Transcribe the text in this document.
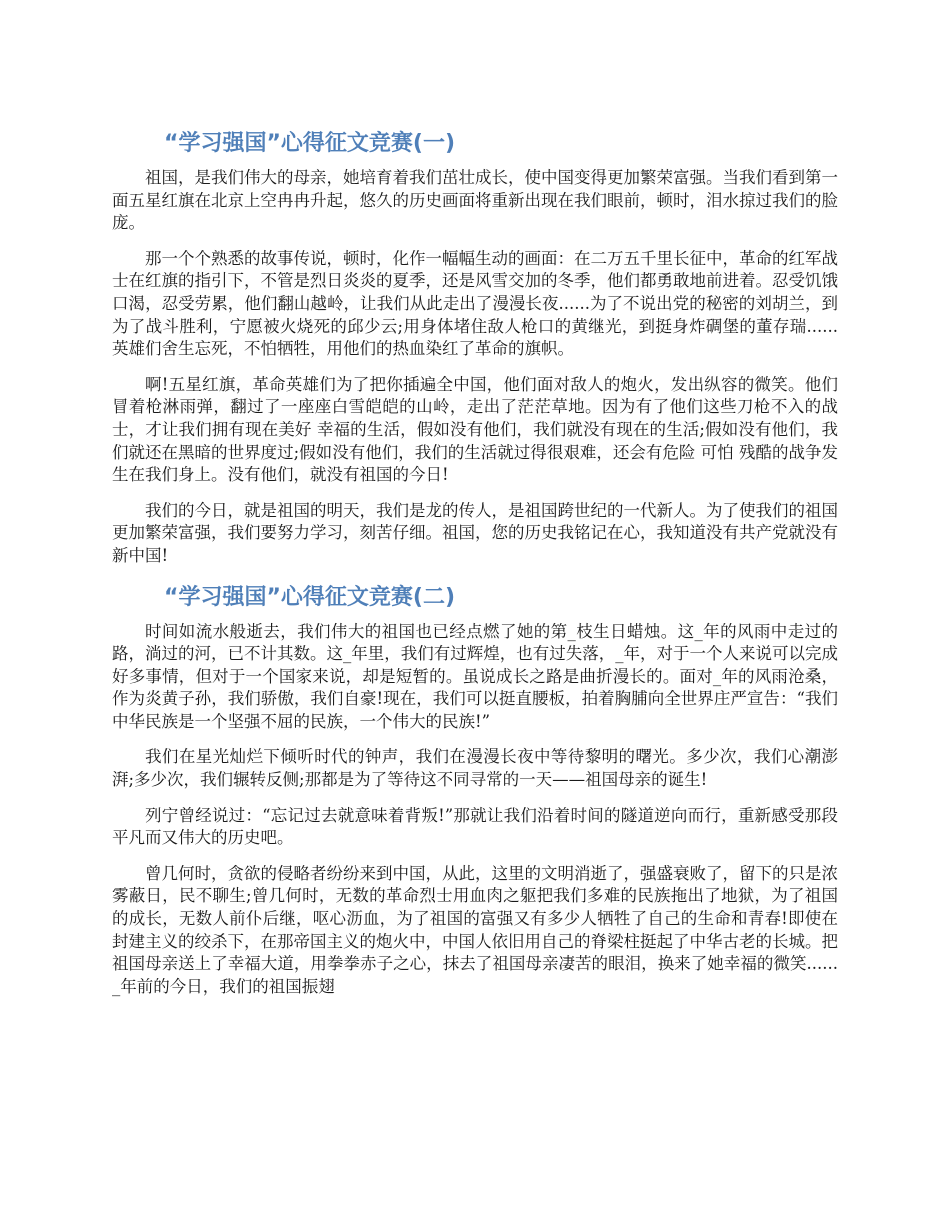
“学习强国”心得征文竞赛(一)

祖国，是我们伟大的母亲，她培育着我们茁壮成长，使中国变得更加繁荣富强。当我们看到第一面五星红旗在北京上空冉冉升起，悠久的历史画面将重新出现在我们眼前，顿时，泪水掠过我们的脸庞。

那一个个熟悉的故事传说，顿时，化作一幅幅生动的画面：在二万五千里长征中，革命的红军战士在红旗的指引下，不管是烈日炎炎的夏季，还是风雪交加的冬季，他们都勇敢地前进着。忍受饥饿口渴，忍受劳累，他们翻山越岭，让我们从此走出了漫漫长夜......为了不说出党的秘密的刘胡兰，到为了战斗胜利，宁愿被火烧死的邱少云;用身体堵住敌人枪口的黄继光，到挺身炸碉堡的董存瑞......英雄们舍生忘死，不怕牺牲，用他们的热血染红了革命的旗帜。

啊!五星红旗，革命英雄们为了把你插遍全中国，他们面对敌人的炮火，发出纵容的微笑。他们冒着枪淋雨弹，翻过了一座座白雪皑皑的山岭，走出了茫茫草地。因为有了他们这些刀枪不入的战士，才让我们拥有现在美好 幸福的生活，假如没有他们，我们就没有现在的生活;假如没有他们，我们就还在黑暗的世界度过;假如没有他们，我们的生活就过得很艰难，还会有危险 可怕 残酷的战争发生在我们身上。没有他们，就没有祖国的今日!

我们的今日，就是祖国的明天，我们是龙的传人，是祖国跨世纪的一代新人。为了使我们的祖国更加繁荣富强，我们要努力学习，刻苦仔细。祖国，您的历史我铭记在心，我知道没有共产党就没有新中国!

“学习强国”心得征文竞赛(二)

时间如流水般逝去，我们伟大的祖国也已经点燃了她的第_枝生日蜡烛。这_年的风雨中走过的路，淌过的河，已不计其数。这_年里，我们有过辉煌，也有过失落，_年，对于一个人来说可以完成好多事情，但对于一个国家来说，却是短暂的。虽说成长之路是曲折漫长的。面对_年的风雨沧桑，作为炎黄子孙，我们骄傲，我们自豪!现在，我们可以挺直腰板，拍着胸脯向全世界庄严宣告：“我们中华民族是一个坚强不屈的民族，一个伟大的民族!”

我们在星光灿烂下倾听时代的钟声，我们在漫漫长夜中等待黎明的曙光。多少次，我们心潮澎湃;多少次，我们辗转反侧;那都是为了等待这不同寻常的一天——祖国母亲的诞生!

列宁曾经说过：“忘记过去就意味着背叛!”那就让我们沿着时间的隧道逆向而行，重新感受那段平凡而又伟大的历史吧。

曾几何时，贪欲的侵略者纷纷来到中国，从此，这里的文明消逝了，强盛衰败了，留下的只是浓雾蔽日，民不聊生;曾几何时，无数的革命烈士用血肉之躯把我们多难的民族拖出了地狱，为了祖国的成长，无数人前仆后继，呕心沥血，为了祖国的富强又有多少人牺牲了自己的生命和青春!即使在封建主义的绞杀下，在那帝国主义的炮火中，中国人依旧用自己的脊梁柱挺起了中华古老的长城。把祖国母亲送上了幸福大道，用拳拳赤子之心，抹去了祖国母亲凄苦的眼泪，换来了她幸福的微笑......_年前的今日，我们的祖国振翅
